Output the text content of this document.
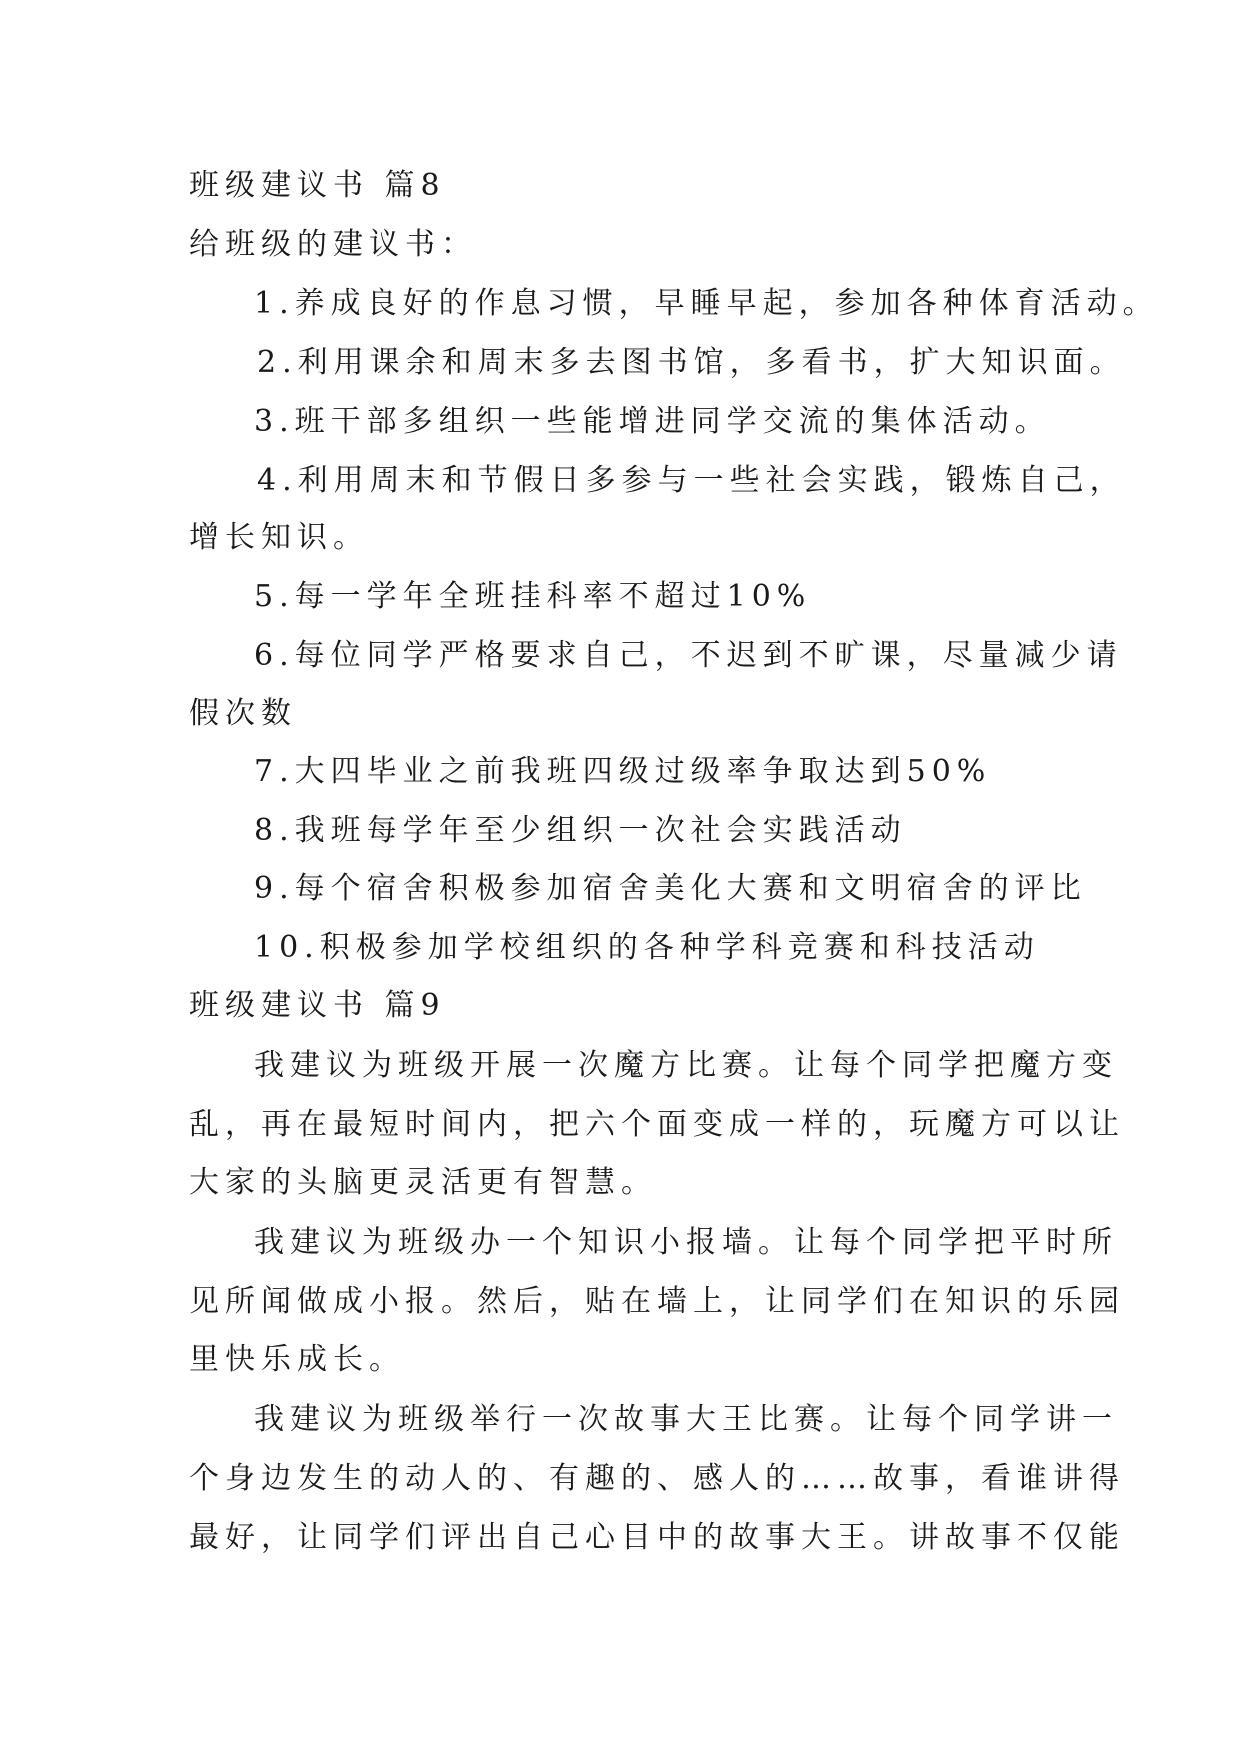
班级建议书 篇8
给班级的建议书：
1.养成良好的作息习惯，早睡早起，参加各种体育活动。
2.利用课余和周末多去图书馆，多看书，扩大知识面。
3.班干部多组织一些能增进同学交流的集体活动。
4.利用周末和节假日多参与一些社会实践，锻炼自己，
增长知识。
5.每一学年全班挂科率不超过10%
6.每位同学严格要求自己，不迟到不旷课，尽量减少请
假次数
7.大四毕业之前我班四级过级率争取达到50%
8.我班每学年至少组织一次社会实践活动
9.每个宿舍积极参加宿舍美化大赛和文明宿舍的评比
10.积极参加学校组织的各种学科竞赛和科技活动
班级建议书 篇9
我建议为班级开展一次魔方比赛。让每个同学把魔方变
乱，再在最短时间内，把六个面变成一样的，玩魔方可以让
大家的头脑更灵活更有智慧。
我建议为班级办一个知识小报墙。让每个同学把平时所
见所闻做成小报。然后，贴在墙上，让同学们在知识的乐园
里快乐成长。
我建议为班级举行一次故事大王比赛。让每个同学讲一
个身边发生的动人的、有趣的、感人的……故事，看谁讲得
最好，让同学们评出自己心目中的故事大王。讲故事不仅能
